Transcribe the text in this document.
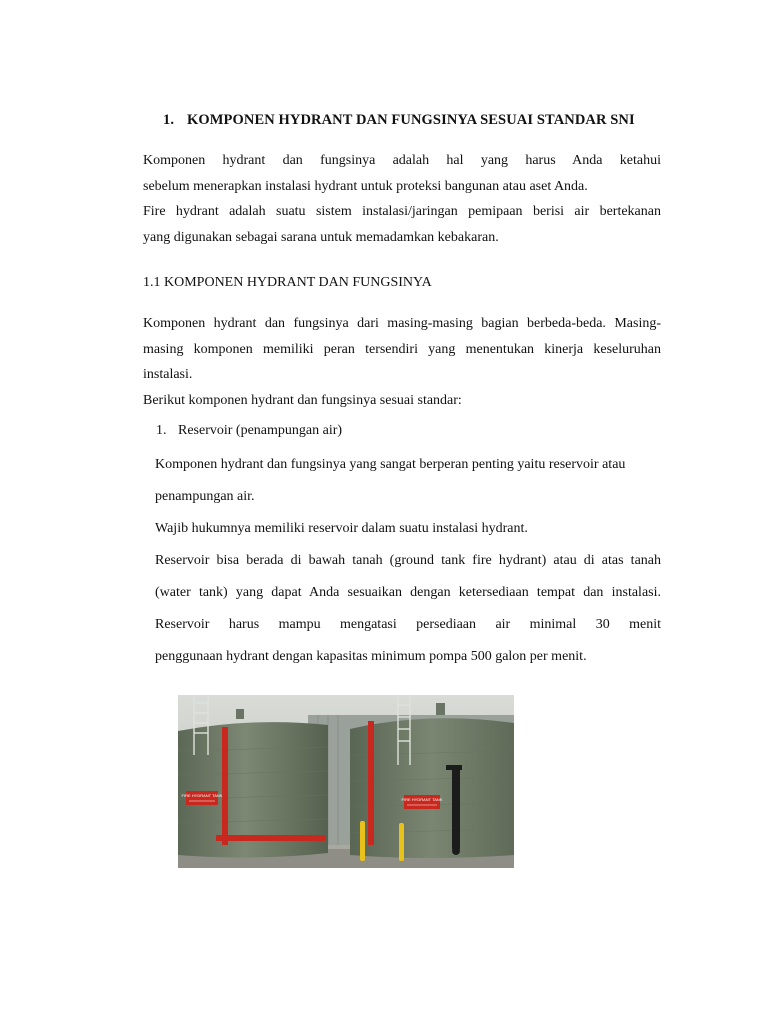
1. KOMPONEN HYDRANT DAN FUNGSINYA SESUAI STANDAR SNI
Komponen hydrant dan fungsinya adalah hal yang harus Anda ketahui
sebelum menerapkan instalasi hydrant untuk proteksi bangunan atau aset Anda.
Fire hydrant adalah suatu sistem instalasi/jaringan pemipaan berisi air bertekanan
yang digunakan sebagai sarana untuk memadamkan kebakaran.
1.1 KOMPONEN HYDRANT DAN FUNGSINYA
Komponen hydrant dan fungsinya dari masing-masing bagian berbeda-beda. Masing-
masing komponen memiliki peran tersendiri yang menentukan kinerja keseluruhan
instalasi.
Berikut komponen hydrant dan fungsinya sesuai standar:
1. Reservoir (penampungan air)
Komponen hydrant dan fungsinya yang sangat berperan penting yaitu reservoir atau
penampungan air.
Wajib hukumnya memiliki reservoir dalam suatu instalasi hydrant.
Reservoir bisa berada di bawah tanah (ground tank fire hydrant) atau di atas tanah
(water tank) yang dapat Anda sesuaikan dengan ketersediaan tempat dan instalasi.
Reservoir harus mampu mengatasi persediaan air minimal 30 menit
penggunaan hydrant dengan kapasitas minimum pompa 500 galon per menit.
FIRE HYDRANT TANK
FIRE HYDRANT TANK
